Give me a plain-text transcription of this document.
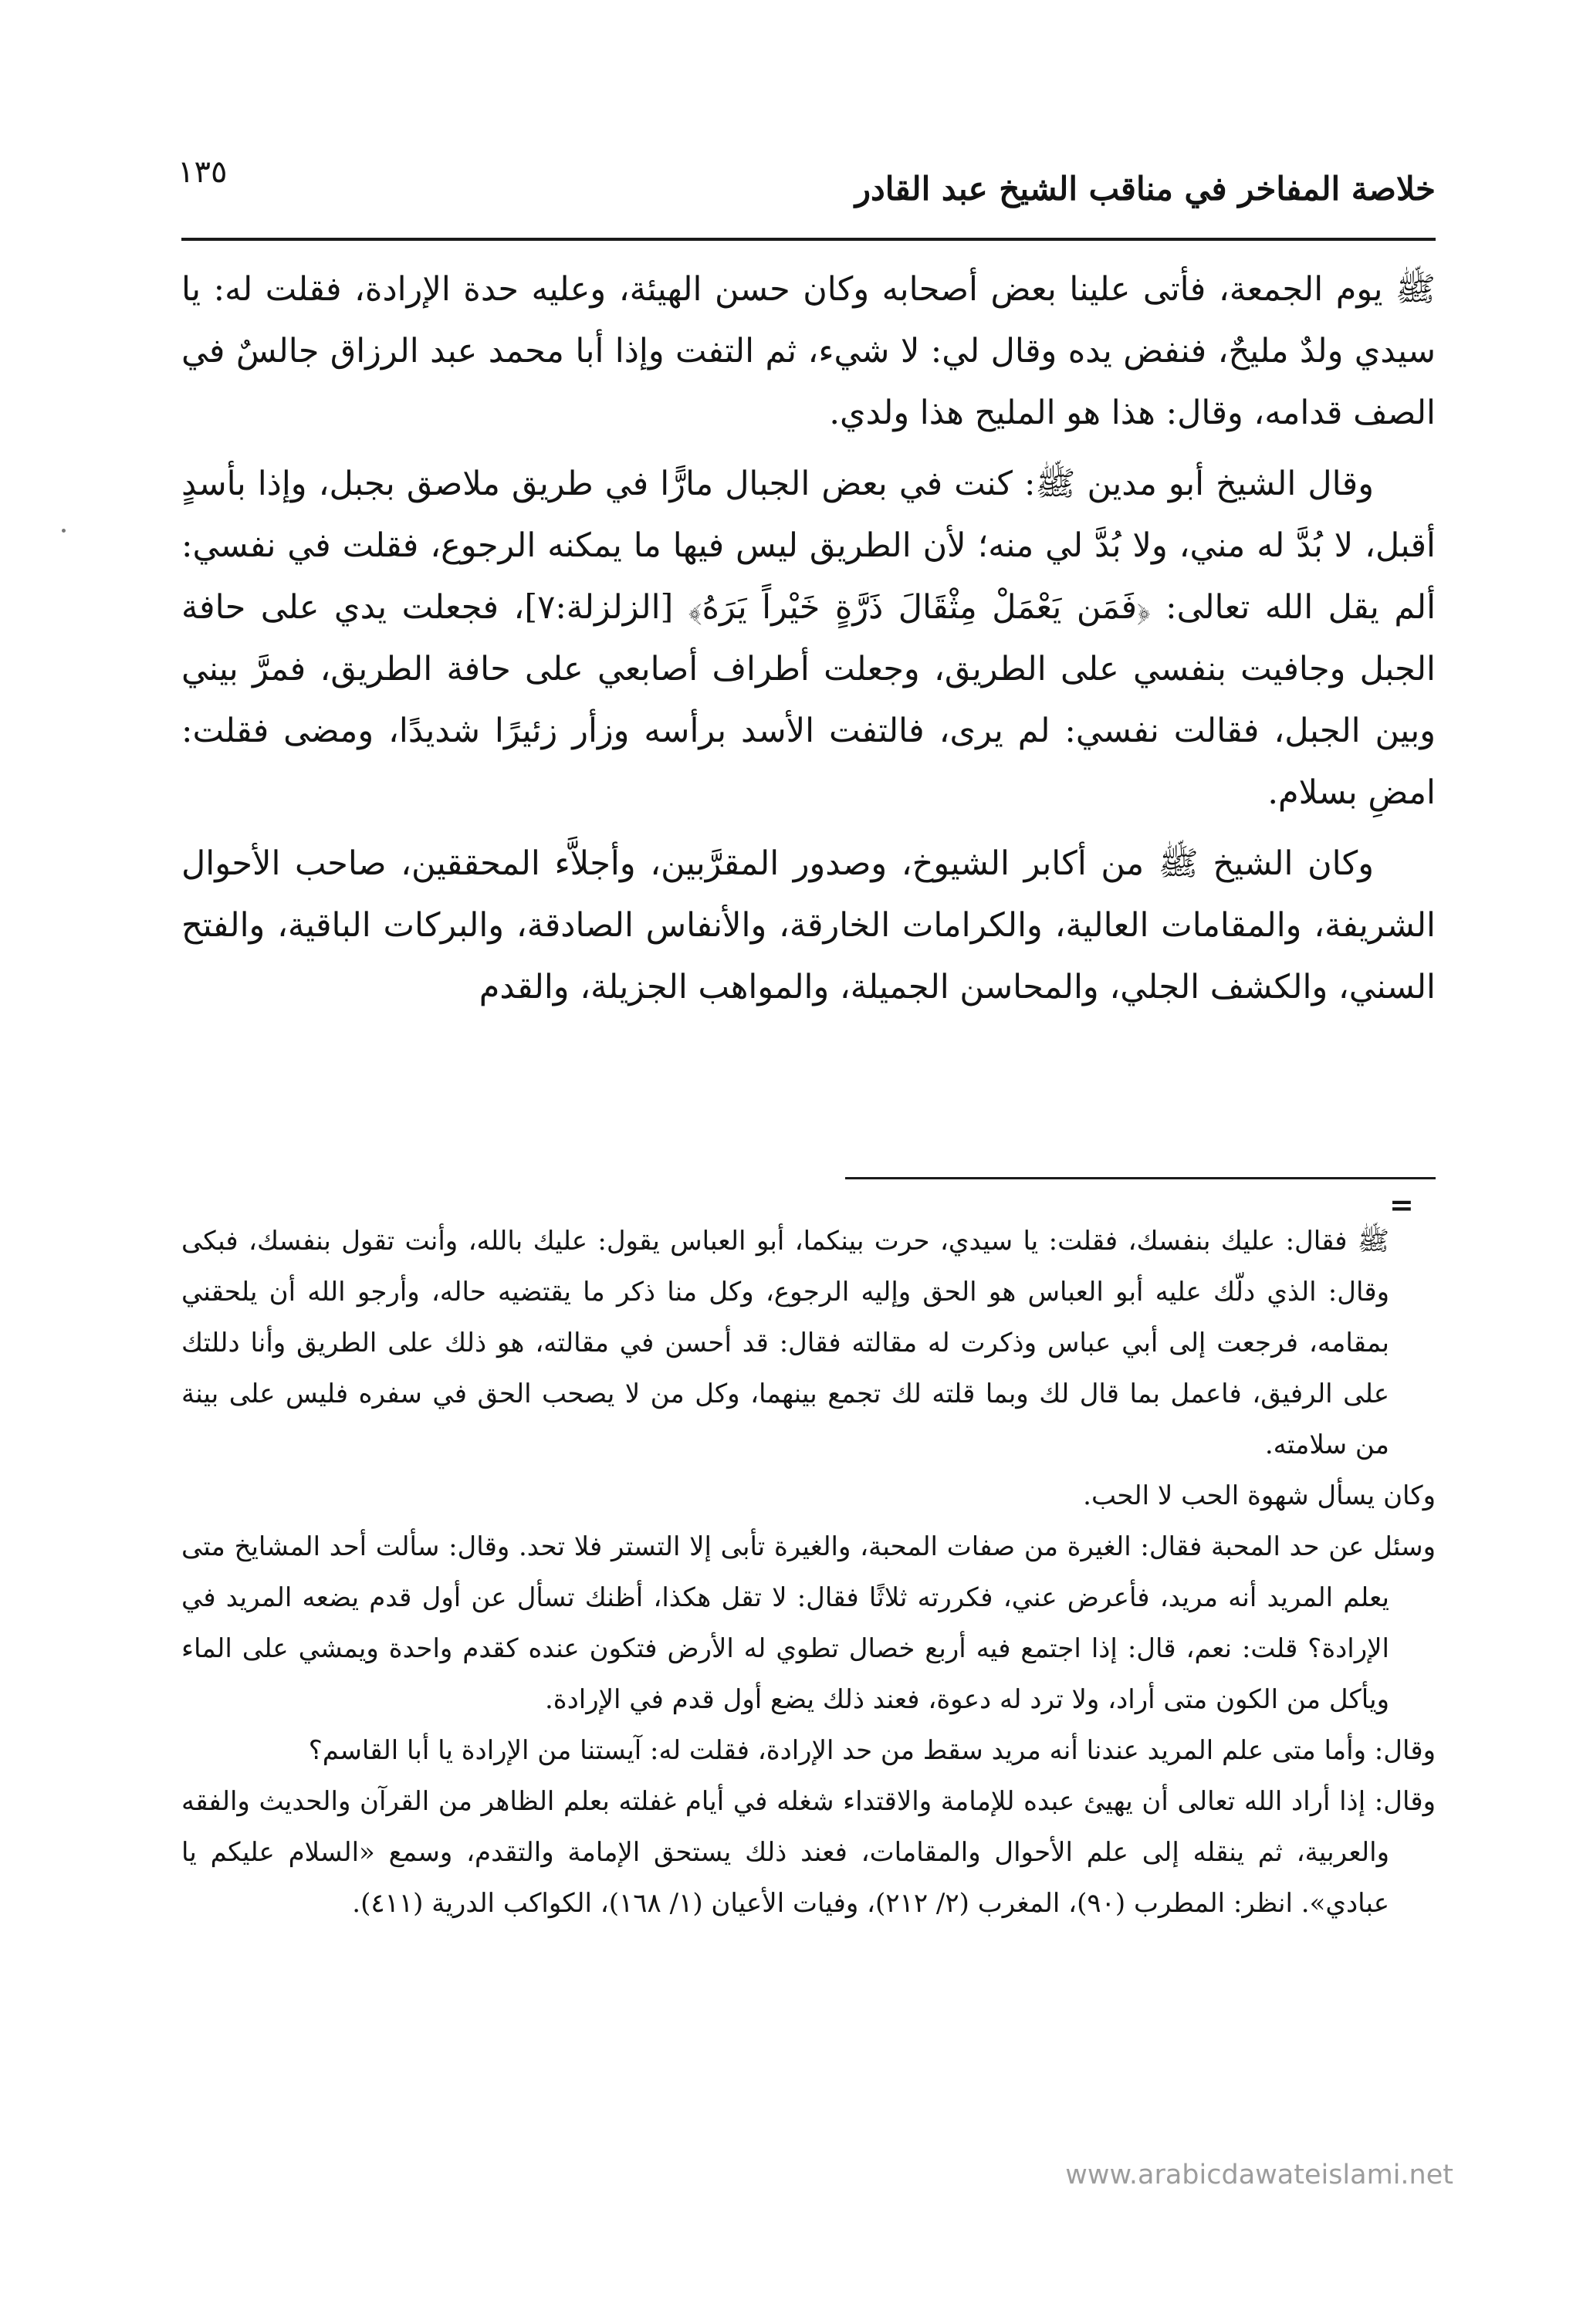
خلاصة المفاخر في مناقب الشيخ عبد القادر
١٣٥

ﷺ يوم الجمعة، فأتى علينا بعض أصحابه وكان حسن الهيئة، وعليه حدة الإرادة، فقلت له: يا سيدي ولدٌ مليحٌ، فنفض يده وقال لي: لا شيء، ثم التفت وإذا أبا محمد عبد الرزاق جالسٌ في الصف قدامه، وقال: هذا هو المليح هذا ولدي.

وقال الشيخ أبو مدين ﷺ: كنت في بعض الجبال مارًّا في طريق ملاصق بجبل، وإذا بأسدٍ أقبل، لا بُدَّ له مني، ولا بُدَّ لي منه؛ لأن الطريق ليس فيها ما يمكنه الرجوع، فقلت في نفسي: ألم يقل الله تعالى: ﴿فَمَن يَعْمَلْ مِثْقَالَ ذَرَّةٍ خَيْراً يَرَهُ﴾ [الزلزلة:٧]، فجعلت يدي على حافة الجبل وجافيت بنفسي على الطريق، وجعلت أطراف أصابعي على حافة الطريق، فمرَّ بيني وبين الجبل، فقالت نفسي: لم يرى، فالتفت الأسد برأسه وزأر زئيرًا شديدًا، ومضى فقلت: امضِ بسلام.

وكان الشيخ ﷺ من أكابر الشيوخ، وصدور المقرَّبين، وأجلاَّء المحققين، صاحب الأحوال الشريفة، والمقامات العالية، والكرامات الخارقة، والأنفاس الصادقة، والبركات الباقية، والفتح السني، والكشف الجلي، والمحاسن الجميلة، والمواهب الجزيلة، والقدم

=

ﷺ فقال: عليك بنفسك، فقلت: يا سيدي، حرت بينكما، أبو العباس يقول: عليك بالله، وأنت تقول بنفسك، فبكى وقال: الذي دلّك عليه أبو العباس هو الحق وإليه الرجوع، وكل منا ذكر ما يقتضيه حاله، وأرجو الله أن يلحقني بمقامه، فرجعت إلى أبي عباس وذكرت له مقالته فقال: قد أحسن في مقالته، هو ذلك على الطريق وأنا دللتك على الرفيق، فاعمل بما قال لك وبما قلته لك تجمع بينهما، وكل من لا يصحب الحق في سفره فليس على بينة من سلامته.

وكان يسأل شهوة الحب لا الحب.

وسئل عن حد المحبة فقال: الغيرة من صفات المحبة، والغيرة تأبى إلا التستر فلا تحد. وقال: سألت أحد المشايخ متى يعلم المريد أنه مريد، فأعرض عني، فكررته ثلاثًا فقال: لا تقل هكذا، أظنك تسأل عن أول قدم يضعه المريد في الإرادة؟ قلت: نعم، قال: إذا اجتمع فيه أربع خصال تطوي له الأرض فتكون عنده كقدم واحدة ويمشي على الماء ويأكل من الكون متى أراد، ولا ترد له دعوة، فعند ذلك يضع أول قدم في الإرادة.

وقال: وأما متى علم المريد عندنا أنه مريد سقط من حد الإرادة، فقلت له: آيستنا من الإرادة يا أبا القاسم؟

وقال: إذا أراد الله تعالى أن يهيئ عبده للإمامة والاقتداء شغله في أيام غفلته بعلم الظاهر من القرآن والحديث والفقه والعربية، ثم ينقله إلى علم الأحوال والمقامات، فعند ذلك يستحق الإمامة والتقدم، وسمع «السلام عليكم يا عبادي». انظر: المطرب (٩٠)، المغرب (٢/ ٢١٢)، وفيات الأعيان (١/ ١٦٨)، الكواكب الدرية (٤١١).

www.arabicdawateislami.net
